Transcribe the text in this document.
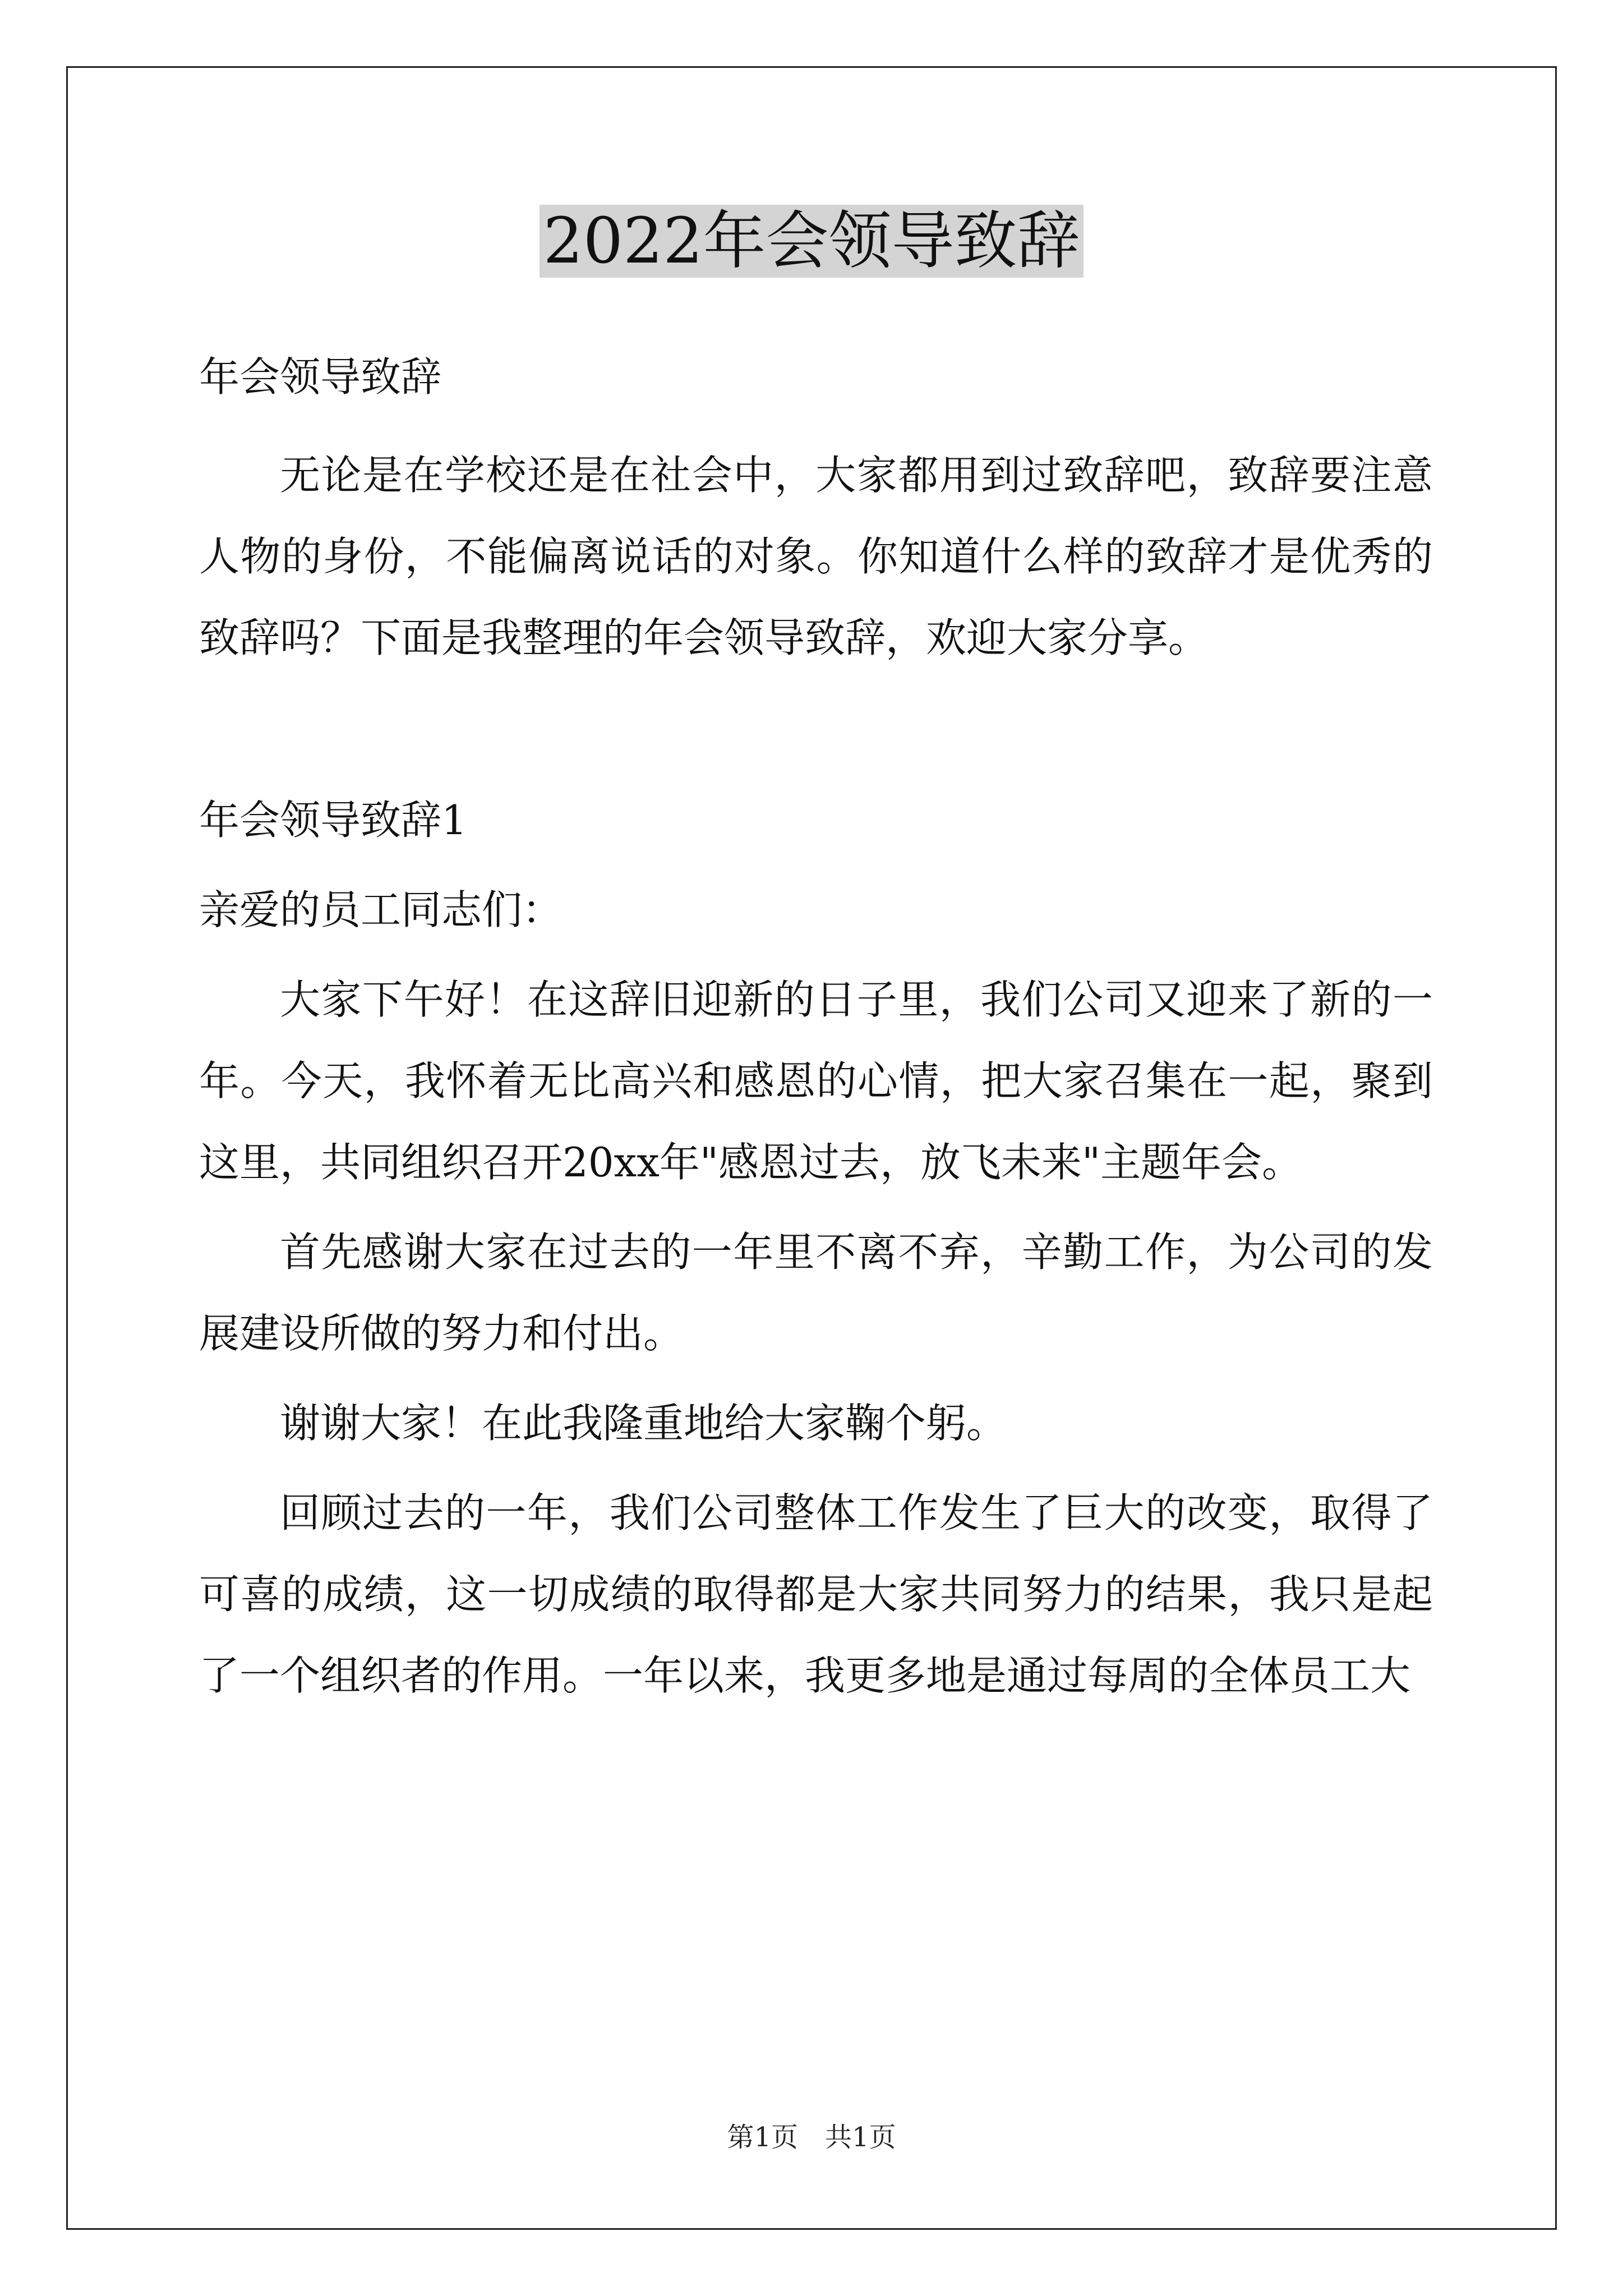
2022年会领导致辞

年会领导致辞

无论是在学校还是在社会中，大家都用到过致辞吧，致辞要注意人物的身份，不能偏离说话的对象。你知道什么样的致辞才是优秀的致辞吗？下面是我整理的年会领导致辞，欢迎大家分享。

年会领导致辞1

亲爱的员工同志们：

大家下午好！在这辞旧迎新的日子里，我们公司又迎来了新的一年。今天，我怀着无比高兴和感恩的心情，把大家召集在一起，聚到这里，共同组织召开20xx年"感恩过去，放飞未来"主题年会。

首先感谢大家在过去的一年里不离不弃，辛勤工作，为公司的发展建设所做的努力和付出。

谢谢大家！在此我隆重地给大家鞠个躬。

回顾过去的一年，我们公司整体工作发生了巨大的改变，取得了可喜的成绩，这一切成绩的取得都是大家共同努力的结果，我只是起了一个组织者的作用。一年以来，我更多地是通过每周的全体员工大

第1页 共1页
